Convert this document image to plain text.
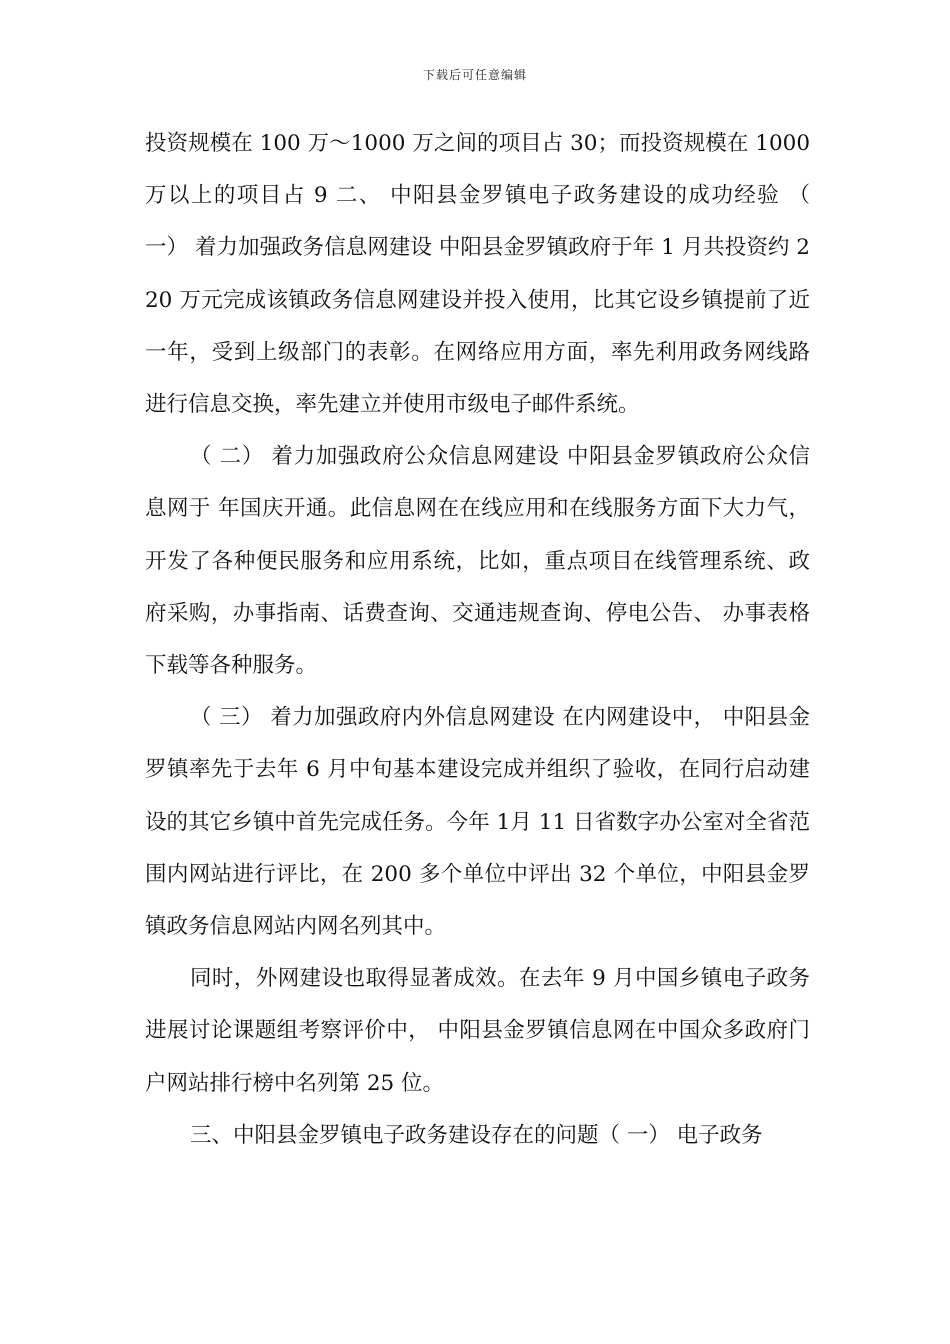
下载后可任意编辑

投资规模在 100 万～1000 万之间的项目占 30；而投资规模在 1000 万以上的项目占 9 二、 中阳县金罗镇电子政务建设的成功经验 （ 一） 着力加强政务信息网建设 中阳县金罗镇政府于年 1 月共投资约 220 万元完成该镇政务信息网建设并投入使用，比其它设乡镇提前了近一年，受到上级部门的表彰。在网络应用方面，率先利用政务网线路进行信息交换，率先建立并使用市级电子邮件系统。

（ 二） 着力加强政府公众信息网建设 中阳县金罗镇政府公众信息网于 年国庆开通。此信息网在在线应用和在线服务方面下大力气，开发了各种便民服务和应用系统，比如，重点项目在线管理系统、政府采购，办事指南、话费查询、交通违规查询、停电公告、 办事表格下载等各种服务。

（ 三） 着力加强政府内外信息网建设 在内网建设中， 中阳县金罗镇率先于去年 6 月中旬基本建设完成并组织了验收，在同行启动建设的其它乡镇中首先完成任务。今年 1月 11 日省数字办公室对全省范围内网站进行评比，在 200 多个单位中评出 32 个单位，中阳县金罗镇政务信息网站内网名列其中。

同时，外网建设也取得显著成效。在去年 9 月中国乡镇电子政务进展讨论课题组考察评价中， 中阳县金罗镇信息网在中国众多政府门户网站排行榜中名列第 25 位。

三、中阳县金罗镇电子政务建设存在的问题（ 一） 电子政务
